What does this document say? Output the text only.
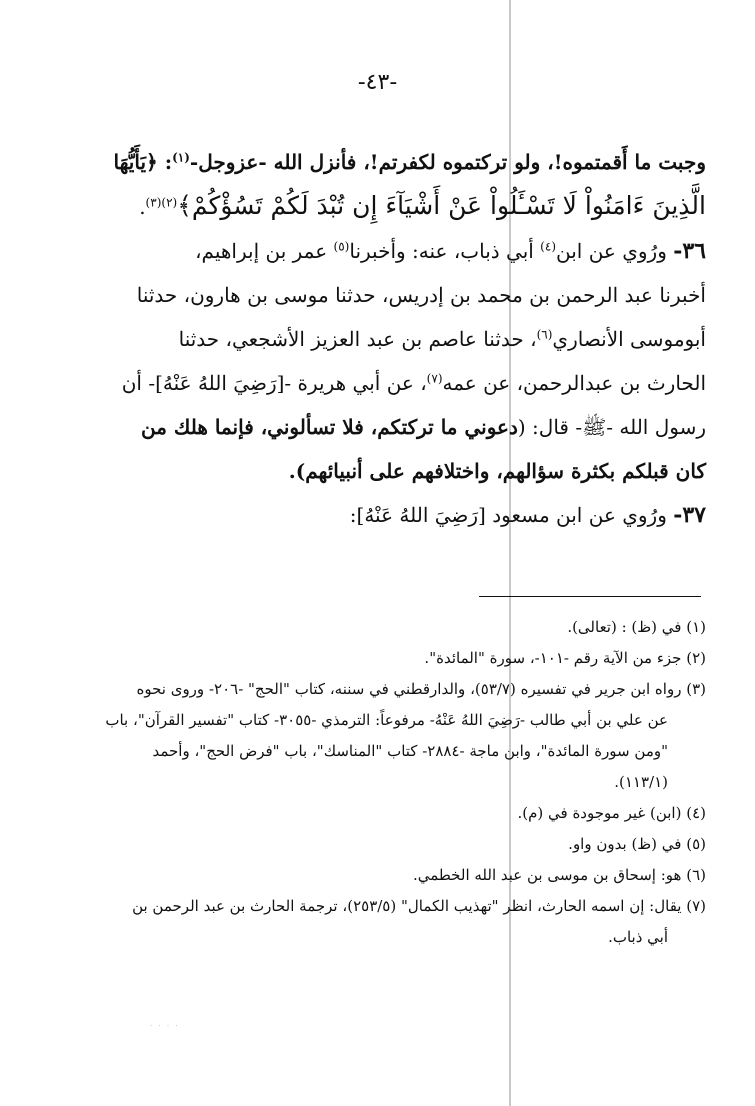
-٤٣-
وجبت ما أَقمتموه!، ولو تركتموه لكفرتم!، فأنزل الله -عزوجل-$^{(١)}$: ﴿يَأَيُّهَا
الَّذِينَ ءَامَنُواْ لَا تَسْـَٔلُواْ عَنْ أَشْيَآءَ إِن تُبْدَ لَكُمْ تَسُؤْكُمْ﴾$^{(٢)(٣)}$.
٣٦- ورُوي عن ابن$^{(٤)}$ أبي ذباب، عنه: وأخبرنا$^{(٥)}$ عمر بن إبراهيم،
أخبرنا عبد الرحمن بن محمد بن إدريس، حدثنا موسى بن هارون، حدثنا
أبوموسى الأنصاري$^{(٦)}$، حدثنا عاصم بن عبد العزيز الأشجعي، حدثنا
الحارث بن عبدالرحمن، عن عمه$^{(٧)}$، عن أبي هريرة -[رَضِيَ اللهُ عَنْهُ]- أن
رسول الله -ﷺ- قال: (دعوني ما تركتكم، فلا تسألوني، فإنما هلك من
كان قبلكم بكثرة سؤالهم، واختلافهم على أنبيائهم).
٣٧- ورُوي عن ابن مسعود [رَضِيَ اللهُ عَنْهُ]:
(١) في (ظ) : (تعالى).
(٢) جزء من الآية رقم -١٠١-، سورة "المائدة".
(٣) رواه ابن جرير في تفسيره (٥٣/٧)، والدارقطني في سننه، كتاب "الحج" -٢٠٦- وروى نحوه
عن علي بن أبي طالب -رَضِيَ اللهُ عَنْهُ- مرفوعاً: الترمذي -٣٠٥٥- كتاب "تفسير القرآن"، باب
"ومن سورة المائدة"، وابن ماجة -٢٨٨٤- كتاب "المناسك"، باب "فرض الحج"، وأحمد
(١١٣/١).
(٤) (ابن) غير موجودة في (م).
(٥) في (ظ) بدون واو.
(٦) هو: إسحاق بن موسى بن عبد الله الخطمي.
(٧) يقال: إن اسمه الحارث، انظر "تهذيب الكمال" (٢٥٣/٥)، ترجمة الحارث بن عبد الرحمن بن
أبي ذباب.
· · · ·
